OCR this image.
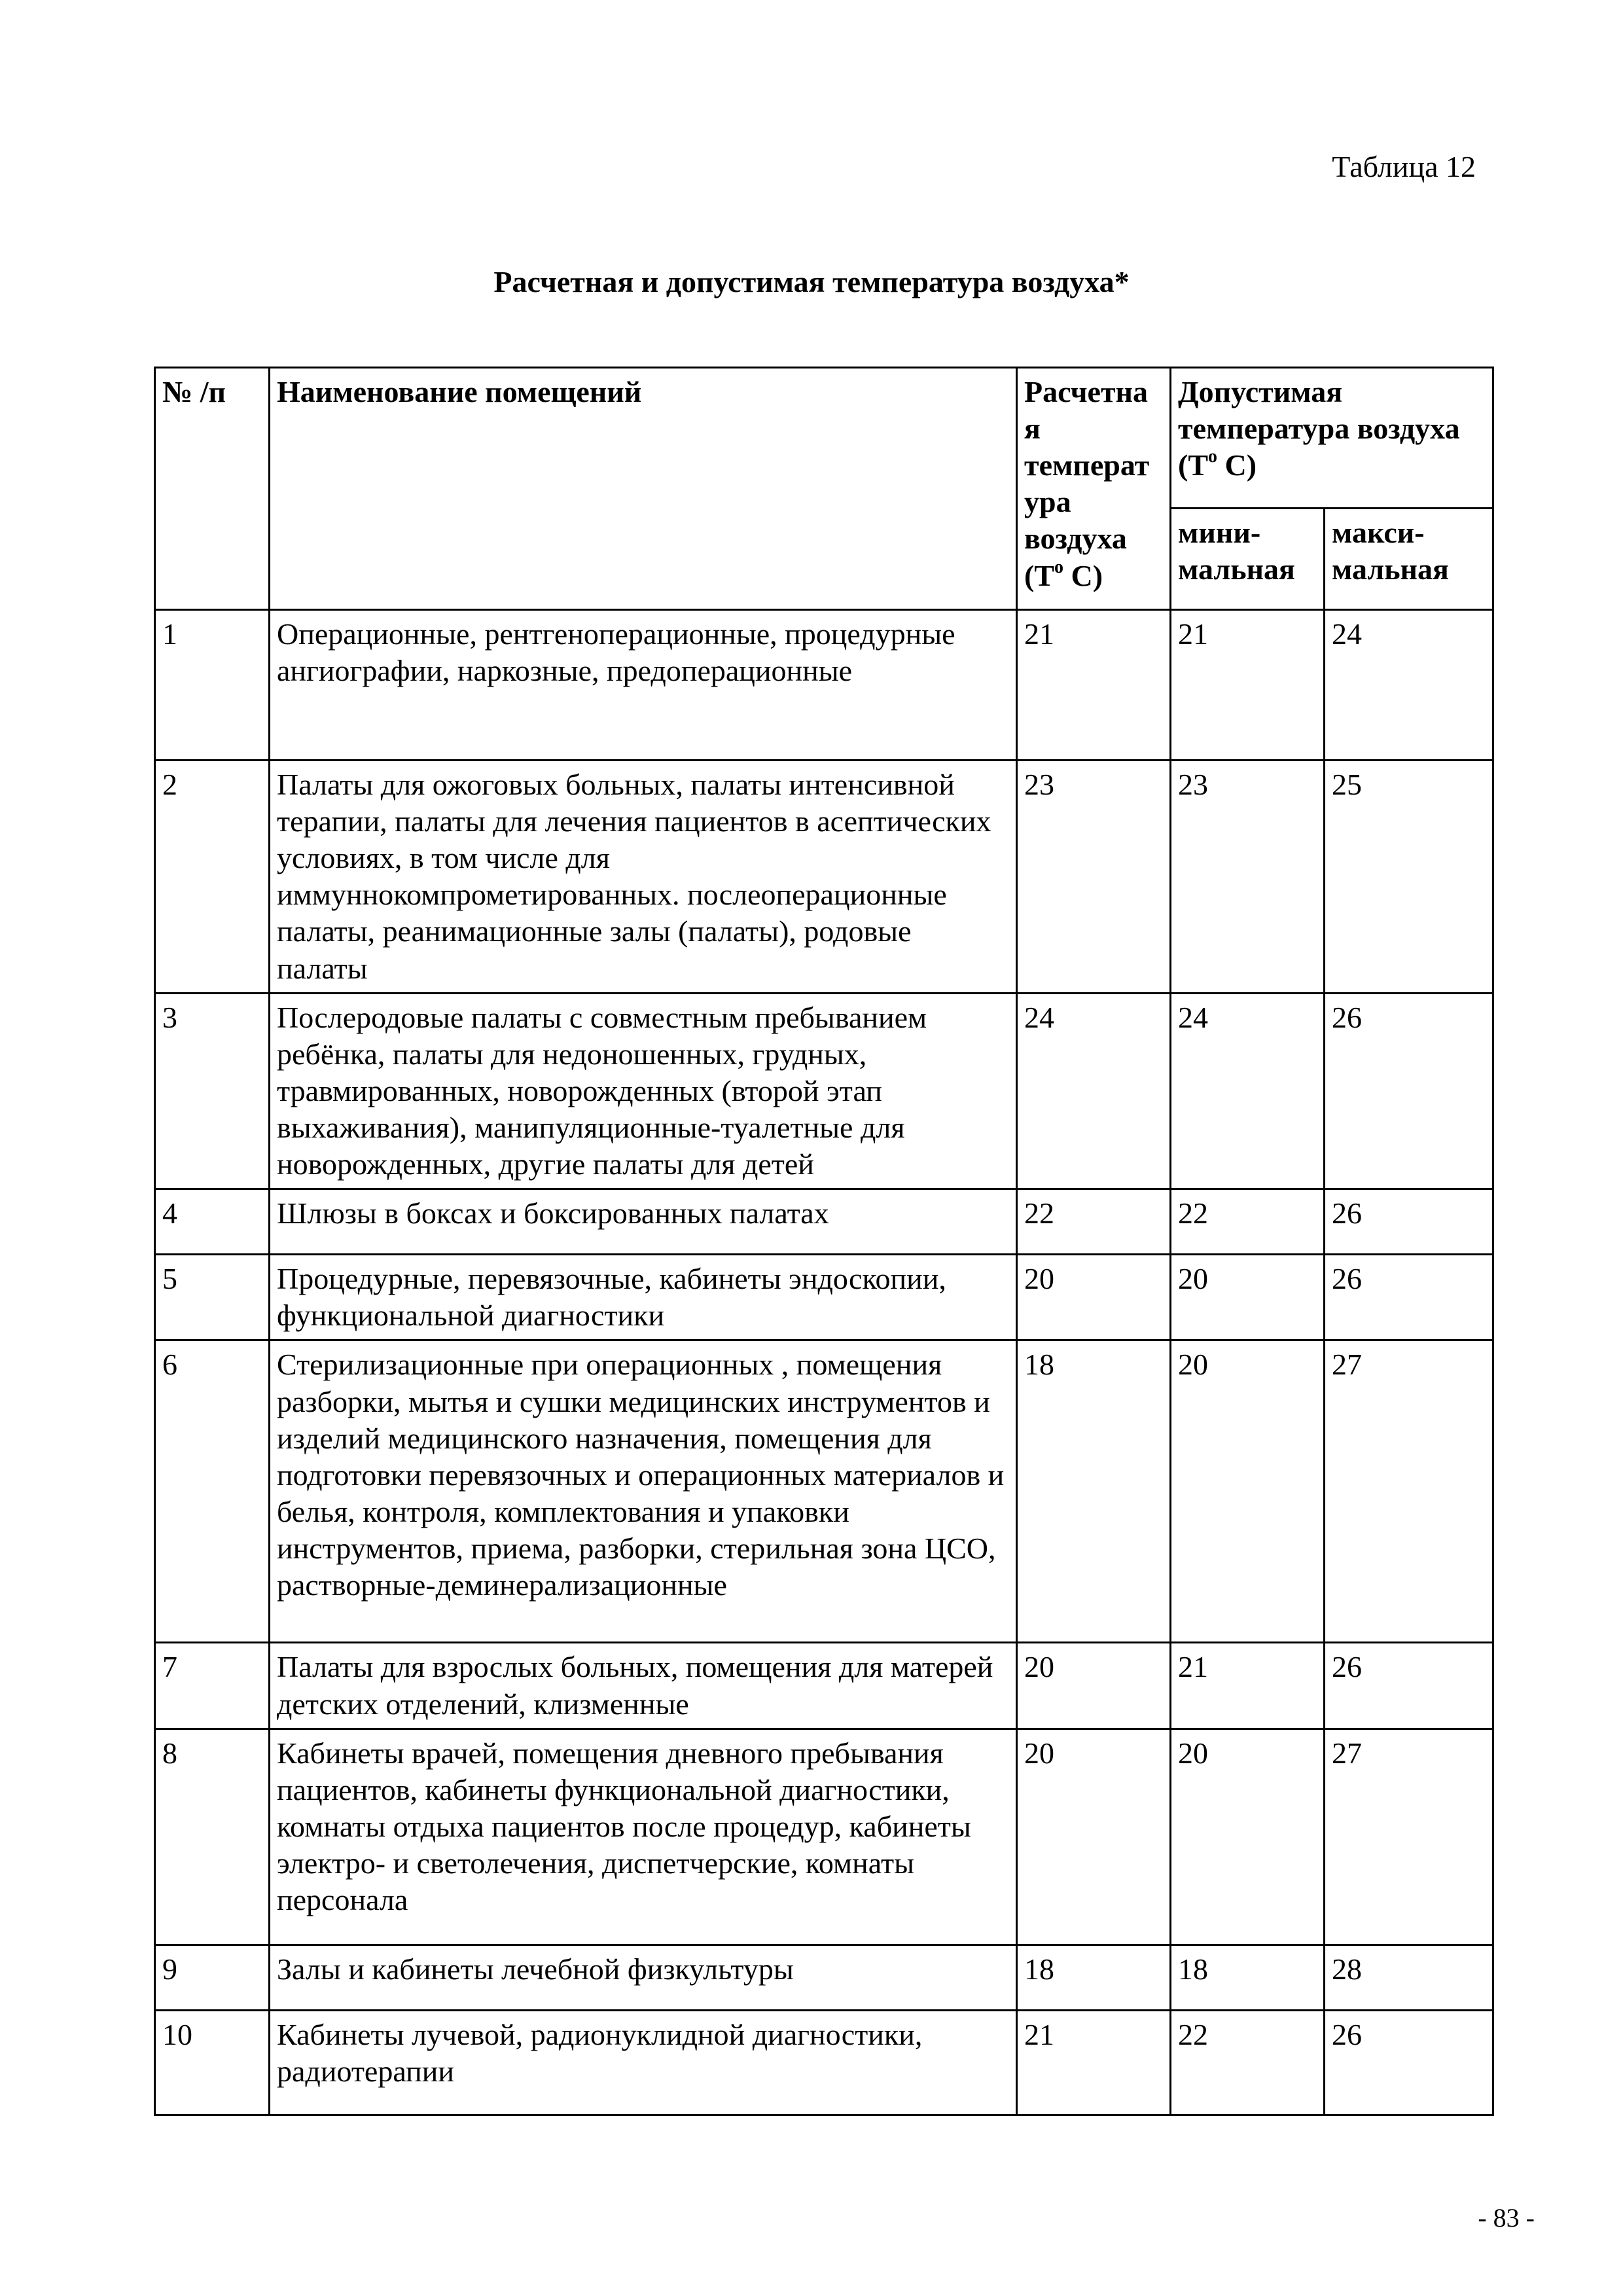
Таблица 12
Расчетная и допустимая температура воздуха*
№ /п	Наименование помещений	Расчетна я температ ура воздуха ($Т^о$ С)	Допустимая температура воздуха ($Т^о$ С)	
			мини- мальная	макси- мальная
1	Операционные, рентгеноперационные, процедурные ангиографии, наркозные, предоперационные	21	21	24
2	Палаты для ожоговых больных, палаты интенсивной терапии, палаты для лечения пациентов в асептических условиях, в том числе для иммуннокомпрометированных. послеоперационные палаты, реанимационные залы (палаты), родовые палаты	23	23	25
3	Послеродовые палаты с совместным пребыванием ребёнка, палаты для недоношенных, грудных, травмированных, новорожденных (второй этап выхаживания), манипуляционные-туалетные для новорожденных, другие палаты для детей	24	24	26
4	Шлюзы в боксах и боксированных палатах	22	22	26
5	Процедурные, перевязочные, кабинеты эндоскопии, функциональной диагностики	20	20	26
6	Стерилизационные при операционных , помещения разборки, мытья и сушки медицинских инструментов и изделий медицинского назначения, помещения для подготовки перевязочных и операционных материалов и белья, контроля, комплектования и упаковки инструментов, приема, разборки, стерильная зона ЦСО, растворные-деминерализационные	18	20	27
7	Палаты для взрослых больных, помещения для матерей детских отделений, клизменные	20	21	26
8	Кабинеты врачей, помещения дневного пребывания пациентов, кабинеты функциональной диагностики, комнаты отдыха пациентов после процедур, кабинеты электро- и светолечения, диспетчерские, комнаты персонала	20	20	27
9	Залы и кабинеты лечебной физкультуры	18	18	28
10	Кабинеты лучевой, радионуклидной диагностики, радиотерапии	21	22	26
- 83 -
